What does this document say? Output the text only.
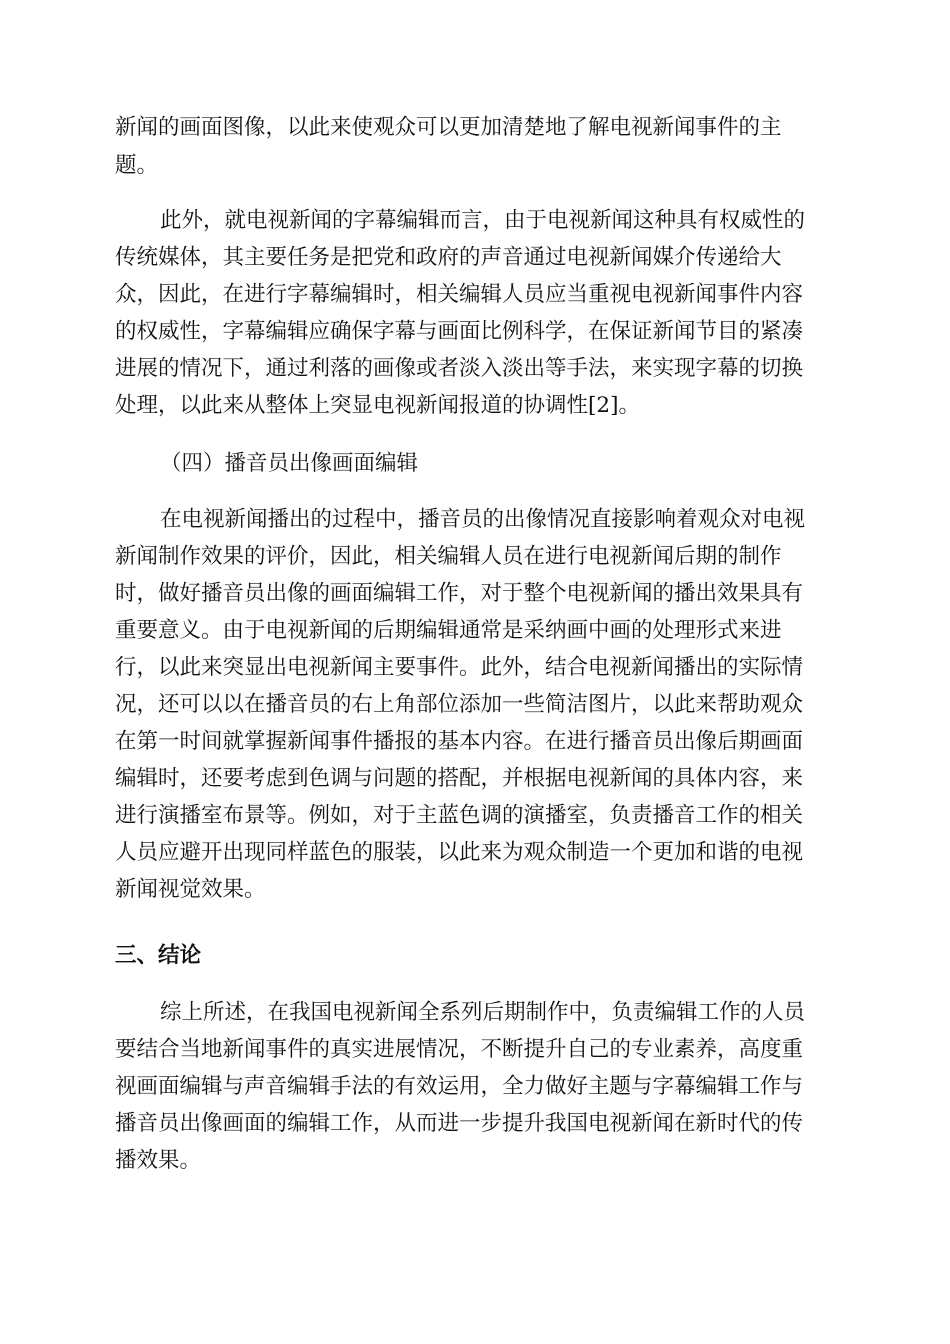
新闻的画面图像，以此来使观众可以更加清楚地了解电视新闻事件的主
题。
此外，就电视新闻的字幕编辑而言，由于电视新闻这种具有权威性的
传统媒体，其主要任务是把党和政府的声音通过电视新闻媒介传递给大
众，因此，在进行字幕编辑时，相关编辑人员应当重视电视新闻事件内容
的权威性，字幕编辑应确保字幕与画面比例科学，在保证新闻节目的紧凑
进展的情况下，通过利落的画像或者淡入淡出等手法，来实现字幕的切换
处理，以此来从整体上突显电视新闻报道的协调性[2]。
（四）播音员出像画面编辑
在电视新闻播出的过程中，播音员的出像情况直接影响着观众对电视
新闻制作效果的评价，因此，相关编辑人员在进行电视新闻后期的制作
时，做好播音员出像的画面编辑工作，对于整个电视新闻的播出效果具有
重要意义。由于电视新闻的后期编辑通常是采纳画中画的处理形式来进
行，以此来突显出电视新闻主要事件。此外，结合电视新闻播出的实际情
况，还可以以在播音员的右上角部位添加一些简洁图片，以此来帮助观众
在第一时间就掌握新闻事件播报的基本内容。在进行播音员出像后期画面
编辑时，还要考虑到色调与问题的搭配，并根据电视新闻的具体内容，来
进行演播室布景等。例如，对于主蓝色调的演播室，负责播音工作的相关
人员应避开出现同样蓝色的服装，以此来为观众制造一个更加和谐的电视
新闻视觉效果。
三、结论
综上所述，在我国电视新闻全系列后期制作中，负责编辑工作的人员
要结合当地新闻事件的真实进展情况，不断提升自己的专业素养，高度重
视画面编辑与声音编辑手法的有效运用，全力做好主题与字幕编辑工作与
播音员出像画面的编辑工作，从而进一步提升我国电视新闻在新时代的传
播效果。
